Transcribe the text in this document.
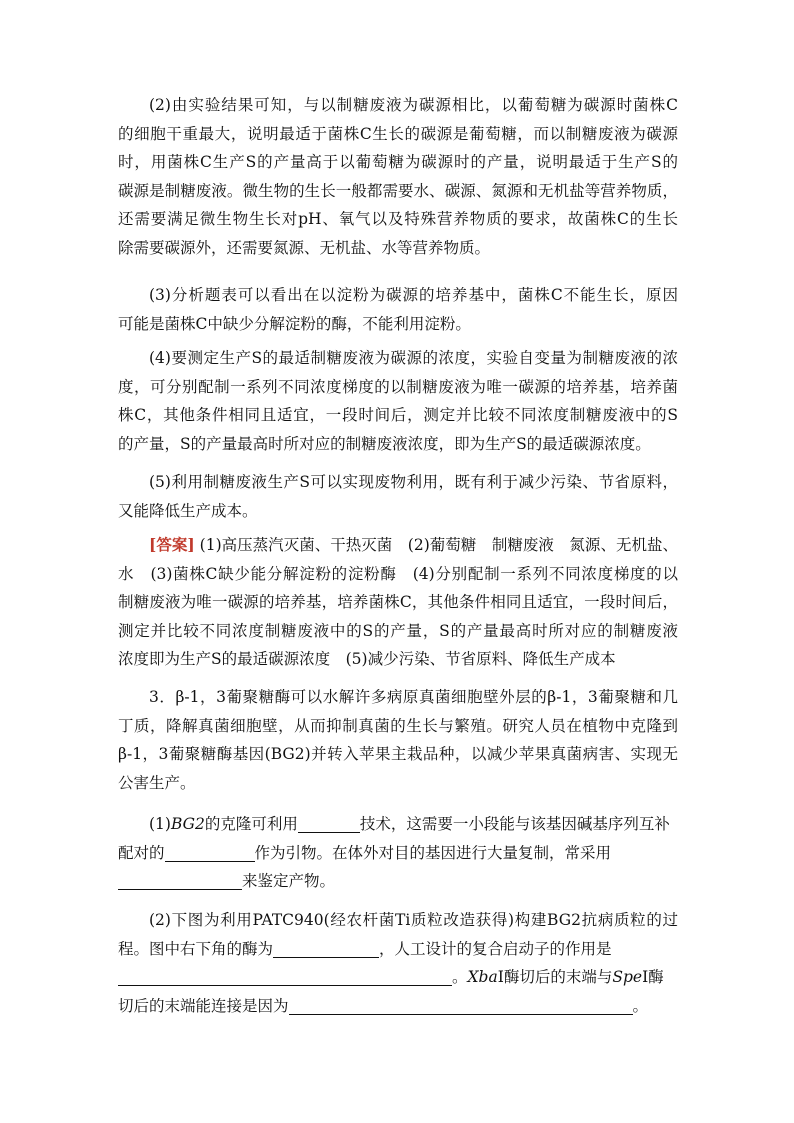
(2)由实验结果可知，与以制糖废液为碳源相比，以葡萄糖为碳源时菌株C
的细胞干重最大，说明最适于菌株C生长的碳源是葡萄糖，而以制糖废液为碳源
时，用菌株C生产S的产量高于以葡萄糖为碳源时的产量，说明最适于生产S的
碳源是制糖废液。微生物的生长一般都需要水、碳源、氮源和无机盐等营养物质，
还需要满足微生物生长对pH、氧气以及特殊营养物质的要求，故菌株C的生长
除需要碳源外，还需要氮源、无机盐、水等营养物质。
(3)分析题表可以看出在以淀粉为碳源的培养基中，菌株C不能生长，原因
可能是菌株C中缺少分解淀粉的酶，不能利用淀粉。
(4)要测定生产S的最适制糖废液为碳源的浓度，实验自变量为制糖废液的浓
度，可分别配制一系列不同浓度梯度的以制糖废液为唯一碳源的培养基，培养菌
株C，其他条件相同且适宜，一段时间后，测定并比较不同浓度制糖废液中的S
的产量，S的产量最高时所对应的制糖废液浓度，即为生产S的最适碳源浓度。
(5)利用制糖废液生产S可以实现废物利用，既有利于减少污染、节省原料，
又能降低生产成本。
[答案] (1)高压蒸汽灭菌、干热灭菌　(2)葡萄糖　制糖废液　氮源、无机盐、
水　(3)菌株C缺少能分解淀粉的淀粉酶　(4)分别配制一系列不同浓度梯度的以
制糖废液为唯一碳源的培养基，培养菌株C，其他条件相同且适宜，一段时间后，
测定并比较不同浓度制糖废液中的S的产量，S的产量最高时所对应的制糖废液
浓度即为生产S的最适碳源浓度　(5)减少污染、节省原料、降低生产成本
3．β-1，3葡聚糖酶可以水解许多病原真菌细胞壁外层的β-1，3葡聚糖和几
丁质，降解真菌细胞壁，从而抑制真菌的生长与繁殖。研究人员在植物中克隆到
β-1，3葡聚糖酶基因(BG2)并转入苹果主栽品种，以减少苹果真菌病害、实现无
公害生产。
(1)BG2的克隆可利用	技术，这需要一小段能与该基因碱基序列互补
配对的	作为引物。在体外对目的基因进行大量复制，常采用
来鉴定产物。
(2)下图为利用PATC940(经农杆菌Ti质粒改造获得)构建BG2抗病质粒的过
程。图中右下角的酶为	，人工设计的复合启动子的作用是
。XbaⅠ酶切后的末端与SpeⅠ酶
切后的末端能连接是因为	。
